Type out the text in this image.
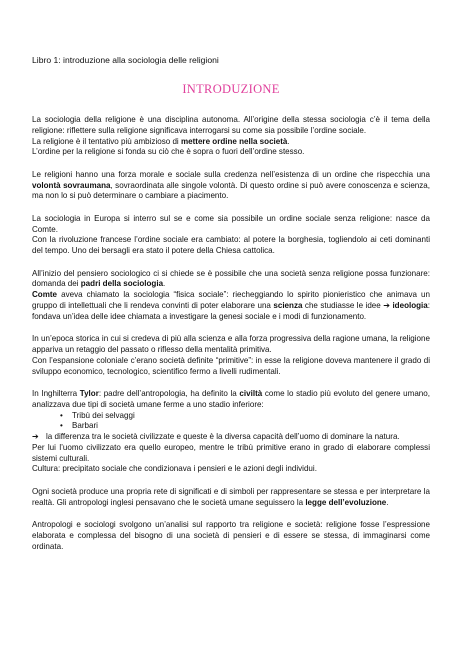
Libro 1: introduzione alla sociologia delle religioni
INTRODUZIONE
La sociologia della religione è una disciplina autonoma. All’origine della stessa sociologia c’è il tema della religione: riflettere sulla religione significava interrogarsi su come sia possibile l’ordine sociale.
La religione è il tentativo più ambizioso di mettere ordine nella società.
L’ordine per la religione si fonda su ciò che è sopra o fuori dell’ordine stesso.
Le religioni hanno una forza morale e sociale sulla credenza nell’esistenza di un ordine che rispecchia una volontà sovraumana, sovraordinata alle singole volontà. Di questo ordine si può avere conoscenza e scienza, ma non lo si può determinare o cambiare a piacimento.
La sociologia in Europa si interro sul se e come sia possibile un ordine sociale senza religione: nasce da Comte.
Con la rivoluzione francese l’ordine sociale era cambiato: al potere la borghesia, togliendolo ai ceti dominanti del tempo. Uno dei bersagli era stato il potere della Chiesa cattolica.
All’inizio del pensiero sociologico ci si chiede se è possibile che una società senza religione possa funzionare: domanda dei padri della sociologia.
Comte aveva chiamato la sociologia “fisica sociale”: riecheggiando lo spirito pionieristico che animava un gruppo di intellettuali che li rendeva convinti di poter elaborare una scienza che studiasse le idee ➔ ideologia: fondava un’idea delle idee chiamata a investigare la genesi sociale e i modi di funzionamento.
In un’epoca storica in cui si credeva di più alla scienza e alla forza progressiva della ragione umana, la religione appariva un retaggio del passato o riflesso della mentalità primitiva.
Con l’espansione coloniale c’erano società definite “primitive”: in esse la religione doveva mantenere il grado di sviluppo economico, tecnologico, scientifico fermo a livelli rudimentali.
In Inghilterra Tylor: padre dell’antropologia, ha definito la civiltà come lo stadio più evoluto del genere umano, analizzava due tipi di società umane ferme a uno stadio inferiore:
• Tribù dei selvaggi
• Barbari
➔ la differenza tra le società civilizzate e queste è la diversa capacità dell’uomo di dominare la natura.
Per lui l’uomo civilizzato era quello europeo, mentre le tribù primitive erano in grado di elaborare complessi sistemi culturali.
Cultura: precipitato sociale che condizionava i pensieri e le azioni degli individui.
Ogni società produce una propria rete di significati e di simboli per rappresentare se stessa e per interpretare la realtà. Gli antropologi inglesi pensavano che le società umane seguissero la legge dell’evoluzione.
Antropologi e sociologi svolgono un’analisi sul rapporto tra religione e società: religione fosse l’espressione elaborata e complessa del bisogno di una società di pensieri e di essere se stessa, di immaginarsi come ordinata.
